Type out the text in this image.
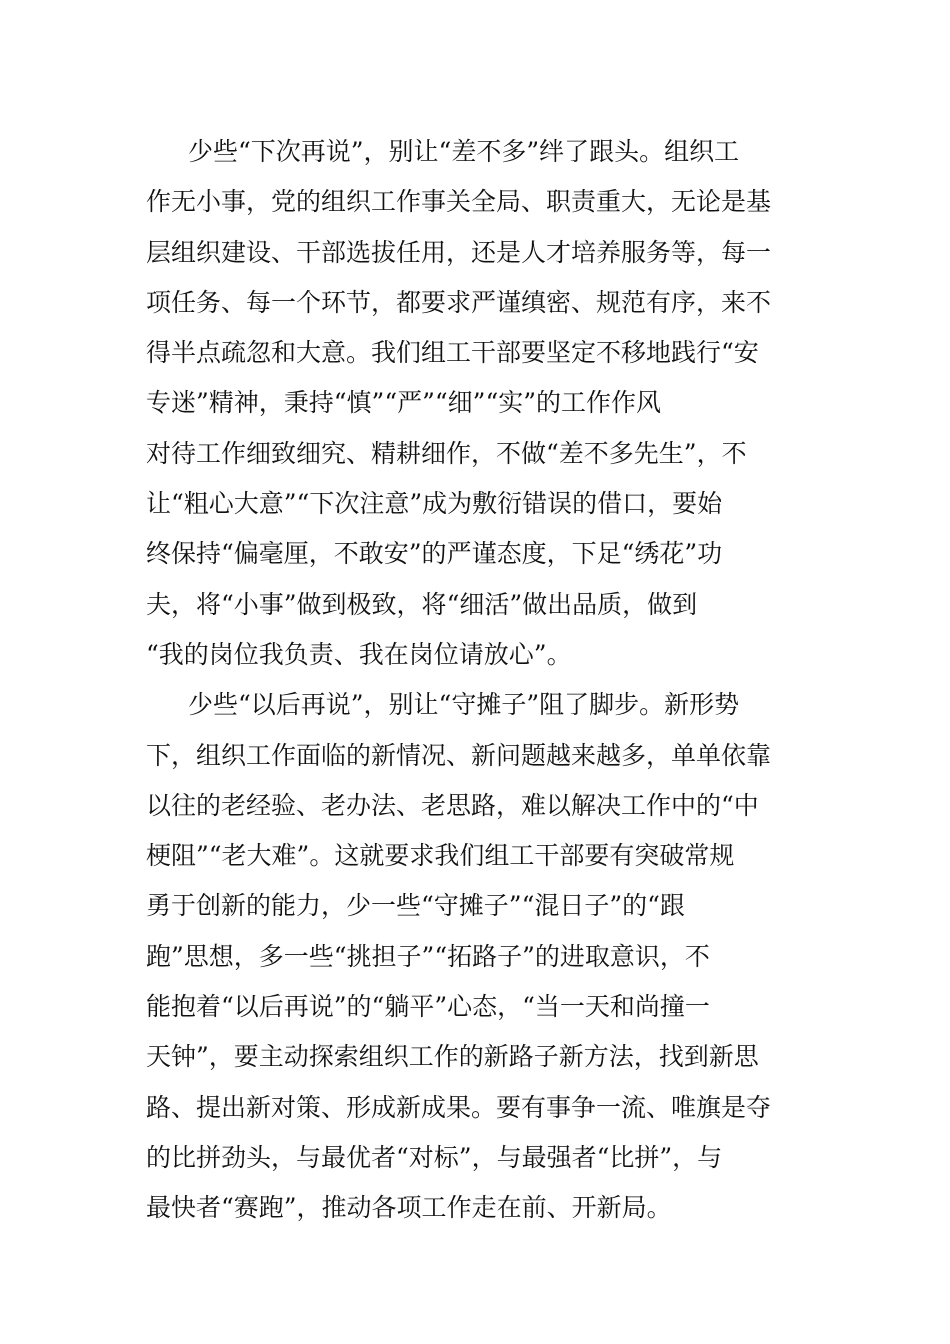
少些“下次再说”，别让“差不多”绊了跟头。组织工
作无小事，党的组织工作事关全局、职责重大，无论是基
层组织建设、干部选拔任用，还是人才培养服务等，每一
项任务、每一个环节，都要求严谨缜密、规范有序，来不
得半点疏忽和大意。我们组工干部要坚定不移地践行“安
专迷”精神，秉持“慎”“严”“细”“实”的工作作风
对待工作细致细究、精耕细作，不做“差不多先生”，不
让“粗心大意”“下次注意”成为敷衍错误的借口，要始
终保持“偏毫厘，不敢安”的严谨态度，下足“绣花”功
夫，将“小事”做到极致，将“细活”做出品质，做到
“我的岗位我负责、我在岗位请放心”。
少些“以后再说”，别让“守摊子”阻了脚步。新形势
下，组织工作面临的新情况、新问题越来越多，单单依靠
以往的老经验、老办法、老思路，难以解决工作中的“中
梗阻”“老大难”。这就要求我们组工干部要有突破常规
勇于创新的能力，少一些“守摊子”“混日子”的“跟
跑”思想，多一些“挑担子”“拓路子”的进取意识，不
能抱着“以后再说”的“躺平”心态，“当一天和尚撞一
天钟”，要主动探索组织工作的新路子新方法，找到新思
路、提出新对策、形成新成果。要有事争一流、唯旗是夺
的比拼劲头，与最优者“对标”，与最强者“比拼”，与
最快者“赛跑”，推动各项工作走在前、开新局。
